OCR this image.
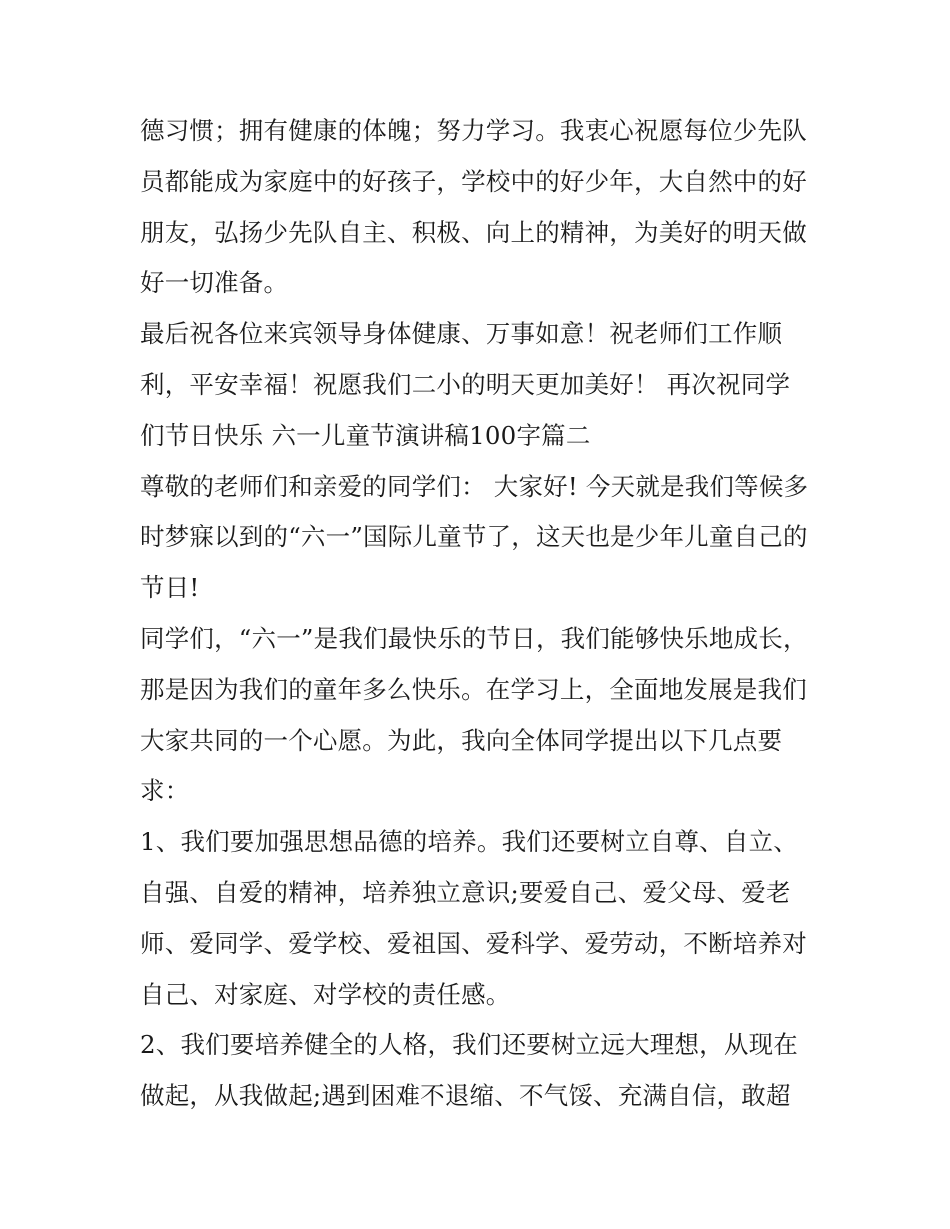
德习惯；拥有健康的体魄；努力学习。我衷心祝愿每位少先队
员都能成为家庭中的好孩子，学校中的好少年，大自然中的好
朋友，弘扬少先队自主、积极、向上的精神，为美好的明天做
好一切准备。
最后祝各位来宾领导身体健康、万事如意！祝老师们工作顺
利，平安幸福！祝愿我们二小的明天更加美好！ 再次祝同学
们节日快乐 六一儿童节演讲稿100字篇二
尊敬的老师们和亲爱的同学们： 大家好! 今天就是我们等候多
时梦寐以到的“六一”国际儿童节了，这天也是少年儿童自己的
节日!
同学们，“六一”是我们最快乐的节日，我们能够快乐地成长，
那是因为我们的童年多么快乐。在学习上，全面地发展是我们
大家共同的一个心愿。为此，我向全体同学提出以下几点要
求：
1、我们要加强思想品德的培养。我们还要树立自尊、自立、
自强、自爱的精神，培养独立意识;要爱自己、爱父母、爱老
师、爱同学、爱学校、爱祖国、爱科学、爱劳动，不断培养对
自己、对家庭、对学校的责任感。
2、我们要培养健全的人格，我们还要树立远大理想，从现在
做起，从我做起;遇到困难不退缩、不气馁、充满自信，敢超
